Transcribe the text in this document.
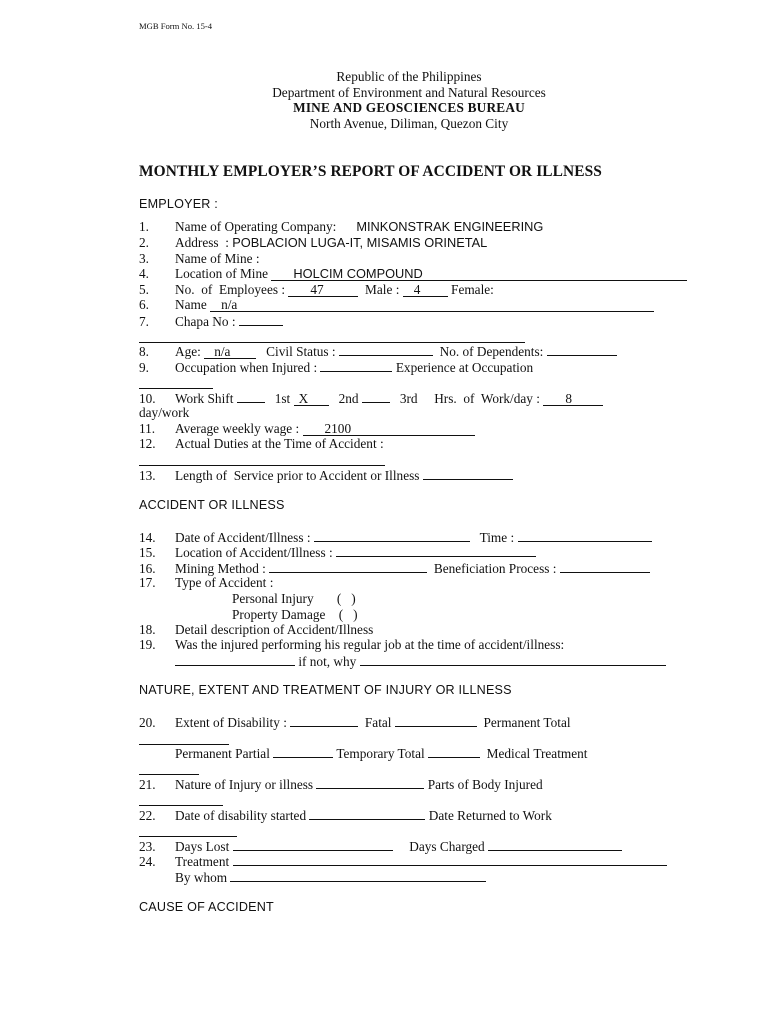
MGB Form No. 15-4
Republic of the Philippines
Department of Environment and Natural Resources
MINE AND GEOSCIENCES BUREAU
North Avenue, Diliman, Quezon City
MONTHLY EMPLOYER’S REPORT OF ACCIDENT OR ILLNESS
EMPLOYER :
1. Name of Operating Company: MINKONSTRAK ENGINEERING
2. Address  : POBLACION LUGA-IT, MISAMIS ORINETAL
3. Name of Mine :
4. Location of Mine HOLCIM COMPOUND
5. No.  of  Employees : 47	Male : 4 Female:
6. Name n/a
7. Chapa No :
8. Age: n/a	Civil Status :	No. of Dependents:
9. Occupation when Injured :	Experience at Occupation
10. Work Shift	1st X 2nd	3rd Hrs.  of  Work/day : 8
day/work
11. Average weekly wage : 2100
12. Actual Duties at the Time of Accident :
13. Length of  Service prior to Accident or Illness
ACCIDENT OR ILLNESS
14. Date of Accident/Illness :	Time :
15. Location of Accident/Illness :
16. Mining Method :	Beneficiation Process :
17. Type of Accident :
Personal Injury       (   )
Property Damage    (   )
18. Detail description of Accident/Illness
19. Was the injured performing his regular job at the time of accident/illness:
if not, why
NATURE, EXTENT AND TREATMENT OF INJURY OR ILLNESS
20. Extent of Disability :	Fatal	Permanent Total
Permanent Partial	Temporary Total	Medical Treatment
21. Nature of Injury or illness	Parts of Body Injured
22. Date of disability started	Date Returned to Work
23. Days Lost	Days Charged
24. Treatment
By whom
CAUSE OF ACCIDENT
